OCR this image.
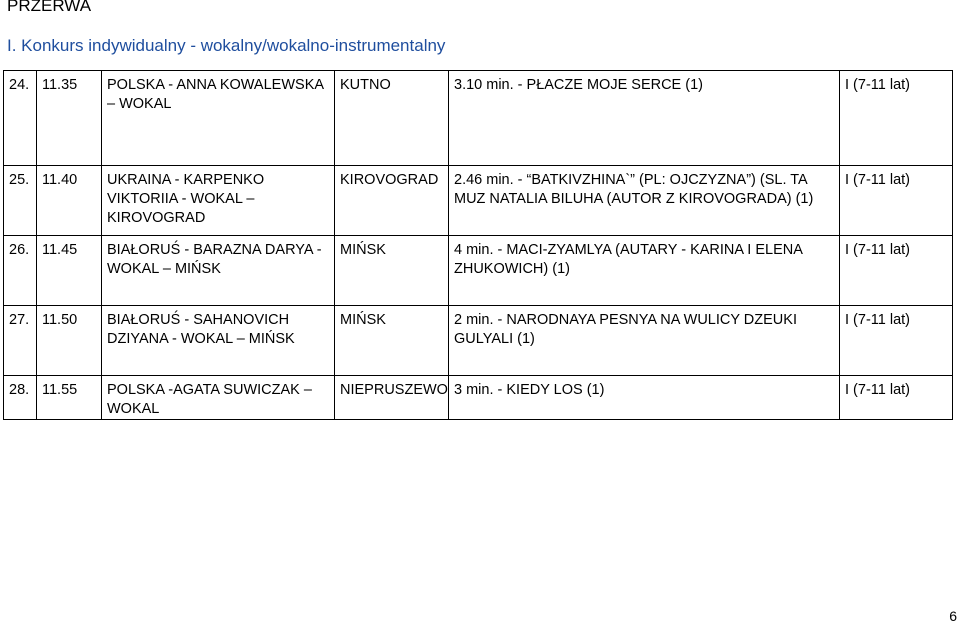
PRZERWA
I. Konkurs indywidualny - wokalny/wokalno-instrumentalny
24.	11.35	POLSKA - ANNA KOWALEWSKA – WOKAL	KUTNO	3.10 min. - PŁACZE MOJE SERCE (1)	I (7-11 lat)
25.	11.40	UKRAINA - KARPENKO VIKTORIIA - WOKAL – KIROVOGRAD	KIROVOGRAD	2.46 min. - “BATKIVZHINA`” (PL: OJCZYZNA”) (SL. TA MUZ NATALIA BILUHA (AUTOR Z KIROVOGRADA) (1)	I (7-11 lat)
26.	11.45	BIAŁORUŚ - BARAZNA DARYA - WOKAL – MIŃSK	MIŃSK	4 min. - MACI-ZYAMLYA (AUTARY - KARINA I ELENA ZHUKOWICH) (1)	I (7-11 lat)
27.	11.50	BIAŁORUŚ - SAHANOVICH DZIYANA - WOKAL – MIŃSK	MIŃSK	2 min. - NARODNAYA PESNYA NA WULICY DZEUKI GULYALI (1)	I (7-11 lat)
28.	11.55	POLSKA -AGATA SUWICZAK – WOKAL	NIEPRUSZEWO	3 min. - KIEDY LOS (1)	I (7-11 lat)
6
